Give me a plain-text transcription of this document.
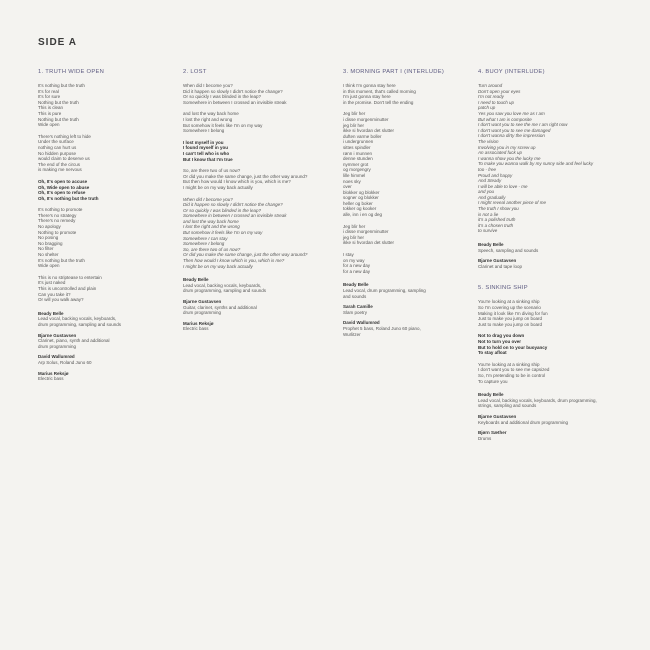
SIDE A
1. TRUTH WIDE OPEN
It's nothing but the truth
It's for real
It's for sure
Nothing but the truth
This is clean
This is pure
Nothing but the truth
Wide open
There's nothing left to hide
Under the surface
nothing can hurt us
No hidden purpose
would claim to deserve us
The end of the circus
is making me nervous
Oh, It's open to accuse
Oh, Wide open to abuse
Oh, It's open to refuse
Oh, It's nothing but the truth
It's nothing to promote
There's no strategy
There's no remedy
No apology
Nothing to promote
No posing
No bragging
No filter
No shelter
It's nothing but the truth
Wide open
This is no striptease to entertain
It's just naked
This is uncontrolled and plain
Can you take it?
Or will you walk away?
Beady Belle
Lead vocal, backing vocals, keyboards,
drum programming, sampling and sounds
Bjarne Gustavsen
Clarinet, piano, synth and additional
drum programming
David Wallumrød
Arp Solus, Roland Juno 60
Marius Reksjø
Electric bass
2. LOST
When did I become you?
Did it happen so slowly I didn't notice the change?
Or so quickly I was blinded in the leap?
Somewhere in between I crossed an invisible streak
and lost the way back home
I lost the right and wrong
But somehow it feels like I'm on my way
Somewhere I belong
I lost myself in you
I found myself in you
I can't tell who is who
But I know that I'm true
So, are there two of us now?
Or did you make the same change, just the other way around?
But then how would I know which is you, which is me?
I might be on my way back actually
When did I become you?
Did it happen so slowly I didn't notice the change?
Or so quickly I was blinded in the leap?
Somewhere in between I crossed an invisible streak
and lost the way back home
I lost the right and the wrong
But somehow it feels like I'm on my way
Somewhere I can stay
Somewhere I belong
So, are there two of us now?
Or did you make the same change, just the other way around?
Then how would I know which is you, which is me?
I might be on my way back actually
Beady Belle
Lead vocal, backing vocals, keyboards,
drum programming, sampling and sounds
Bjarne Gustavsen
Guitar, clarinet, synths and additional
drum programming
Marius Reksjø
Electric bass
3. MORNING PART I (INTERLUDE)
I think I'm gonna stay here
in this moment, that's called morning
I'm just gonna stay here
in the promise. Don't tell the ending
Jeg blir her
i disse morgenminutter
jeg blir her
ikke si hvordan det slutter
duften varme boller
i undergrunnen
sittes spindler
rønn i munnen
denne stunden
nymmer grot
og morgengry
lille himmel
noes sky
over
blokker og blokker
sogner og blokker
heller og boker
tokker og kooker
alle, inn i en og deg
Jeg blir her
i disse morgenminutter
jeg blir her
ikke si hvordan det slutter
I stay
on my way
for a new day
for a new day
Beady Belle
Lead vocal, drum programming, sampling
and sounds
Sarah Camille
Slam poetry
David Wallumrød
Prophet 5 bass, Roland Juno 60 piano,
Wurlitzer
4. BUOY (INTERLUDE)
Turn around
Don't open your eyes
I'm not ready
I need to touch up
patch up
Yes you saw you love me as I am
But what I am is composite
I don't want you to see the me I am right now
I don't want you to see me damaged
I don't wanna dirty the impression
The vision
Involving you in my screw up
An associated fuck up
I wanna show you the lucky me
To make you wanna walk by my sunny side and feel lucky
too - free
Proud and happy
And Steady
I will be able to love - me
and you
And gradually
I might reveal another piece of me
The truth I show you
is not a lie
it's a polished truth
it's a chosen truth
to survive
Beady Belle
Speech, sampling and sounds
Bjarne Gustavsen
Clarinet and tape loop
5. SINKING SHIP
You're looking at a sinking ship
So I'm covering up the scenario
Making it look like I'm diving for fun
Just to make you jump on board
Just to make you jump on board
Not to drag you down
Not to turn you over
But to hold on to your buoyancy
To stay afloat
You're looking at a sinking ship
I don't want you to see me capsized
So, I'm pretending to be in control
To capture you
Beady Belle
Lead vocal, backing vocals, keyboards, drum programming,
strings, sampling and sounds
Bjarne Gustavsen
Keyboards and additional drum programming
Bjørn Sæther
Drums
